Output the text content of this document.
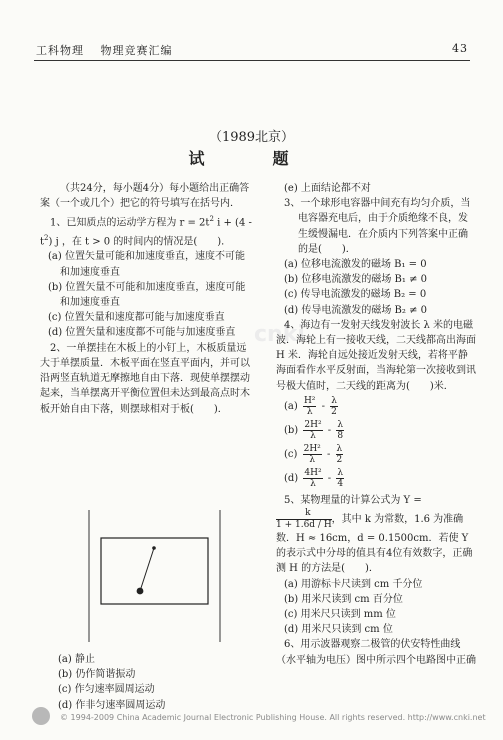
工科物理　 物理竞赛汇编	43
cnki
（1989北京）
试　题

（共24分，每小题4分）每小题给出正确答案（一个或几个）把它的符号填写在括号内．

1、已知质点的运动学方程为 $r = 2t^2$ $i + (4 - t^2)$ j ，在 t > 0 的时间内的情况是(　　)．

(a) 位置矢量可能和加速度垂直，速度不可能和加速度垂直

(b) 位置矢量不可能和加速度垂直，速度可能和加速度垂直

(c) 位置矢量和速度都可能与加速度垂直

(d) 位置矢量和速度都不可能与加速度垂直

2、一单摆挂在木板上的小钉上，木板质量远大于单摆质量．木板平面在竖直平面内，并可以沿两竖直轨道无摩擦地自由下落．现使单摆摆动起来，当单摆离开平衡位置但未达到最高点时木板开始自由下落，则摆球相对于板(　　)．

(a) 静止

(b) 仍作简谐振动

(c) 作匀速率圆周运动

(d) 作非匀速率圆周运动

(e) 上面结论都不对

3、一个球形电容器中间充有均匀介质，当电容器充电后，由于介质绝缘不良，发生缓慢漏电．在介质内下列答案中正确的是(　　)．

(a) 位移电流激发的磁场 B₁ = 0

(b) 位移电流激发的磁场 B₁ ≠ 0

(c) 传导电流激发的磁场 B₂ = 0

(d) 传导电流激发的磁场 B₂ ≠ 0

4、海边有一发射天线发射波长 λ 米的电磁波．海轮上有一接收天线，二天线都高出海面 H 米．海轮自远处接近发射天线，若将平静海面看作水平反射面，当海轮第一次接收到讯号极大值时，二天线的距离为(　　)米．

$(a) \frac{\text{H²}}{\lambda} - \frac{\lambda}{2}$
$(b) \frac{\text{2H²}}{\lambda} - \frac{\lambda}{8}$
$(c) \frac{\text{2H²}}{\lambda} - \frac{\lambda}{2}$
$(d) \frac{\text{4H²}}{\lambda} - \frac{\lambda}{4}$

5、某物理量的计算公式为 Y =
$\frac{k}{1 + 1.6d / H}$，其中 k 为常数，1.6 为准确数．H ≈ 16cm，d = 0.1500cm．若使 Y 的表示式中分母的值具有4位有效数字，正确测 H 的方法是(　　)．

(a) 用游标卡尺读到 cm 千分位

(b) 用米尺读到 cm 百分位

(c) 用米尺只读到 mm 位

(d) 用米尺只读到 cm 位

6、用示波器观察二极管的伏安特性曲线（水平轴为电压）图中所示四个电路图中正确

© 1994-2009 China Academic Journal Electronic Publishing House. All rights reserved. http://www.cnki.net
